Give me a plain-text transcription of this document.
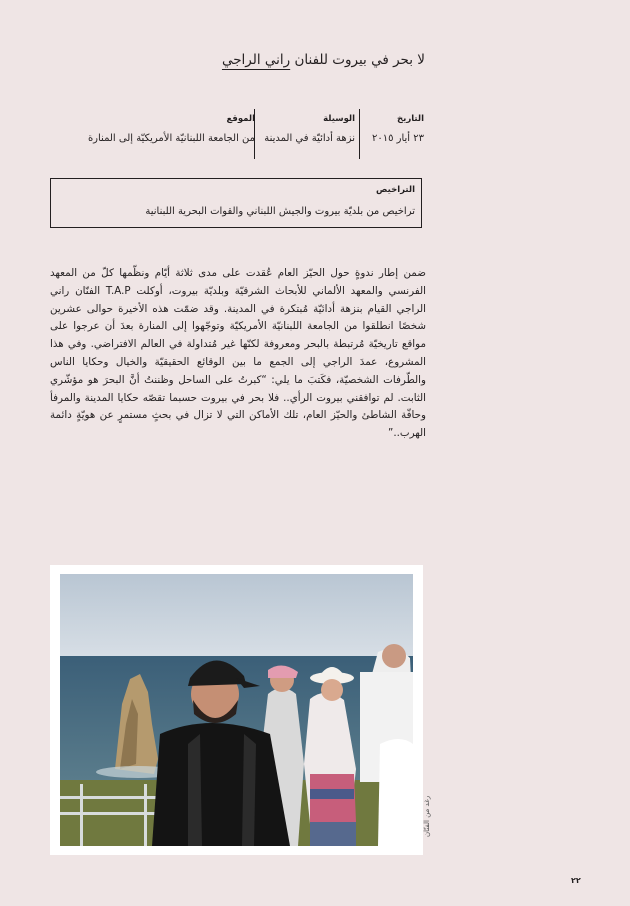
لا بحر في بيروت للفنان راني الراجي
التاريخ
٢٣ أيار ٢٠١٥
الوسيلة
نزهة أدائيّة في المدينة
الموقع
من الجامعة اللبنانيّة الأمريكيّة إلى المنارة
التراخيص
تراخيص من بلديّة بيروت والجيش اللبناني والقوات البحرية اللبنانية

ضمن إطار ندوةٍ حول الحيّز العام عُقدت على مدى ثلاثة أيّام ونظّمها كلّ من المعهد الفرنسي والمعهد الألماني للأبحاث الشرقيّة وبلديّة بيروت، أوكلت T.A.P الفنّان راني الراجي القيام بنزهة أدائيّة مُبتكرة في المدينة. وقد ضمّت هذه الأخيرة حوالى عشرين شخصًا انطلقوا من الجامعة اللبنانيّة الأمريكيّة وتوجّهوا إلى المنارة بعدَ أن عرجوا على مواقع تاريخيّة مُرتبطة بالبحر ومعروفة لكنّها غير مُتداولة في العالم الافتراضي. وفي هذا المشروع، عمدَ الراجي إلى الجمع ما بين الوقائع الحقيقيّة والخيال وحكايا الناس والطّرفات الشخصيّة، فكَتبَ ما يلي: “كبرتُ على الساحل وظننتُ أنَّ البحرَ هو مؤشّري الثابت. لم توافقني بيروت الرأي.. فلا بحر في بيروت حسبما تقصّه حكايا المدينة والمرفأ وحافّة الشاطئ والحيّز العام، تلك الأماكن التي لا تزال في بحثٍ مستمرٍ عن هويّةٍ دائمة الهرب..”

رغد من الفنّان
٢٢
